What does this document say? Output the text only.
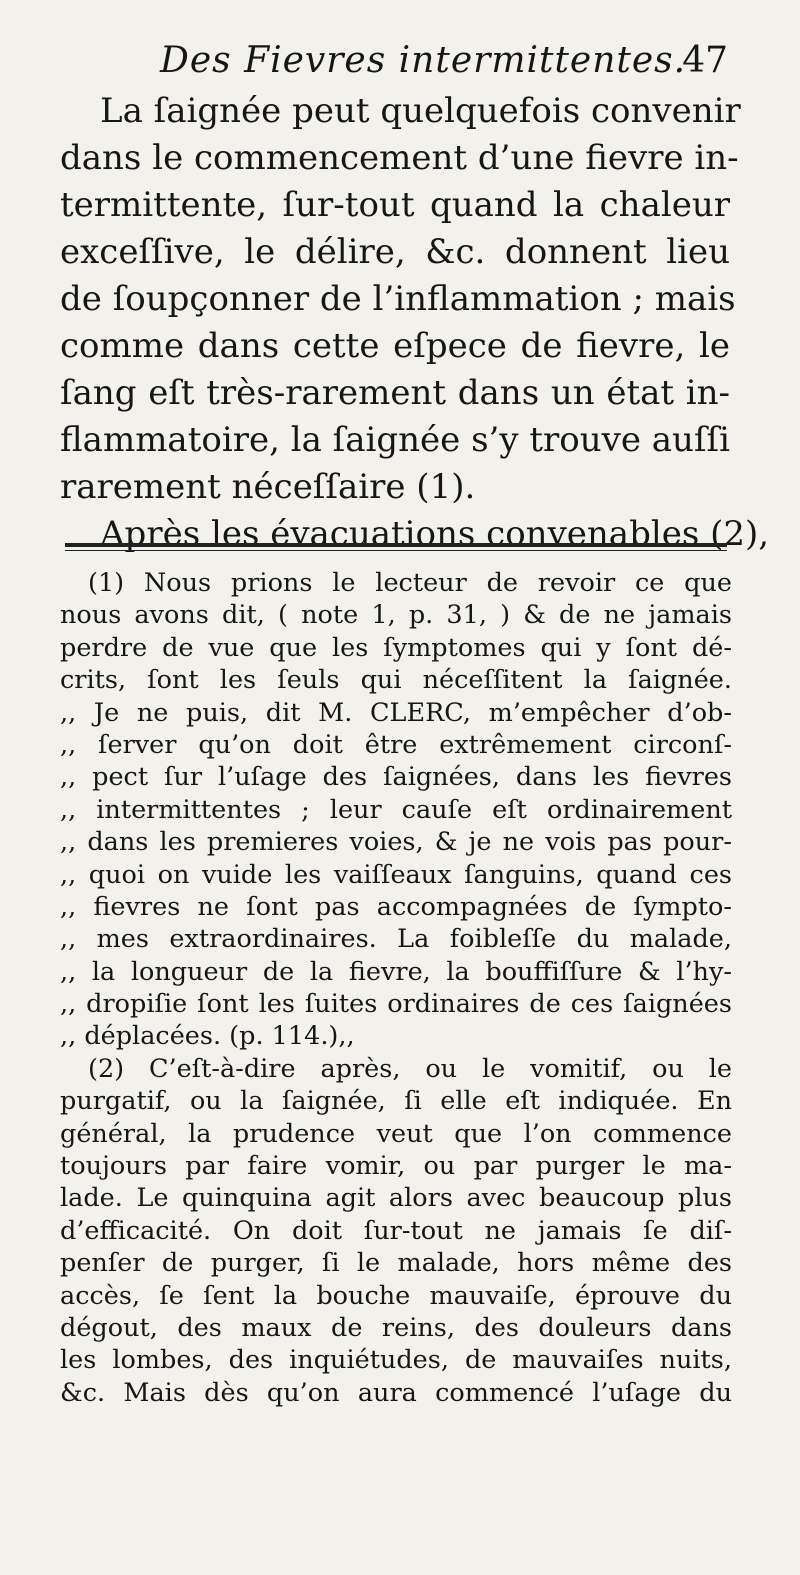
Des Fievres intermittentes.
47
La ſaignée peut quelquefois convenir
dans le commencement d’une fievre in-
termittente, ſur-tout quand la chaleur
exceſſive, le délire, &c. donnent lieu
de ſoupçonner de l’inflammation ; mais
comme dans cette eſpece de fievre, le
ſang eſt très-rarement dans un état in-
flammatoire, la ſaignée s’y trouve auſſi
rarement néceſſaire (1).
Après les évacuations convenables (2),
(1) Nous prions le lecteur de revoir ce que
nous avons dit, ( note 1, p. 31, ) & de ne jamais
perdre de vue que les ſymptomes qui y ſont dé-
crits, ſont les ſeuls qui néceſſitent la ſaignée.
,, Je ne puis, dit M. CLERC, m’empêcher d’ob-
,, ſerver qu’on doit être extrêmement circonſ-
,, pect ſur l’uſage des ſaignées, dans les fievres
,, intermittentes ; leur cauſe eſt ordinairement
,, dans les premieres voies, & je ne vois pas pour-
,, quoi on vuide les vaiſſeaux ſanguins, quand ces
,, fievres ne ſont pas accompagnées de ſympto-
,, mes extraordinaires. La foibleſſe du malade,
,, la longueur de la fievre, la bouffiſſure & l’hy-
,, dropiſie ſont les ſuites ordinaires de ces ſaignées
,, déplacées. (p. 114.),,
(2) C’eſt-à-dire après, ou le vomitif, ou le
purgatif, ou la ſaignée, ſi elle eſt indiquée. En
général, la prudence veut que l’on commence
toujours par faire vomir, ou par purger le ma-
lade. Le quinquina agit alors avec beaucoup plus
d’efficacité. On doit ſur-tout ne jamais ſe diſ-
penſer de purger, ſi le malade, hors même des
accès, ſe ſent la bouche mauvaiſe, éprouve du
dégout, des maux de reins, des douleurs dans
les lombes, des inquiétudes, de mauvaiſes nuits,
&c. Mais dès qu’on aura commencé l’uſage du
